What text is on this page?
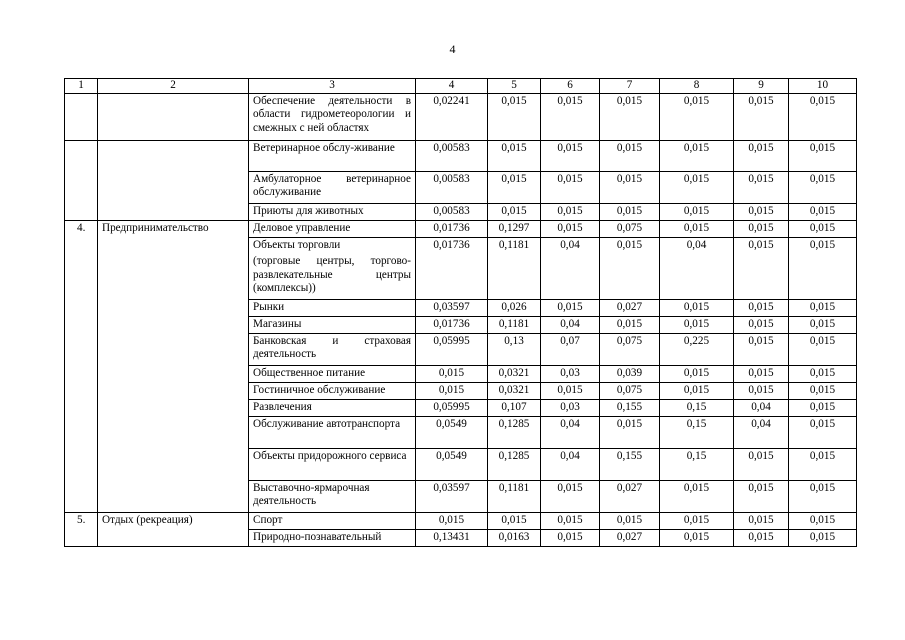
4
1	2	3	4	5	6	7	8	9	10

		Обеспечение деятельности в области гидрометеорологии и смежных с ней областях	0,02241	0,015	0,015	0,015	0,015	0,015	0,015

		Ветеринарное обслу-живание	0,00583	0,015	0,015	0,015	0,015	0,015	0,015

		Амбулаторное ветеринарное обслуживание	0,00583	0,015	0,015	0,015	0,015	0,015	0,015

		Приюты для животных	0,00583	0,015	0,015	0,015	0,015	0,015	0,015
4.	Предпринимательство	Деловое управление	0,01736	0,1297	0,015	0,075	0,015	0,015	0,015

		Объекты торговли
(торговые центры, торгово-развлекательные центры (комплексы))	0,01736	0,1181	0,04	0,015	0,04	0,015	0,015

		Рынки	0,03597	0,026	0,015	0,027	0,015	0,015	0,015

		Магазины	0,01736	0,1181	0,04	0,015	0,015	0,015	0,015

		Банковская и страховая деятельность	0,05995	0,13	0,07	0,075	0,225	0,015	0,015

		Общественное питание	0,015	0,0321	0,03	0,039	0,015	0,015	0,015

		Гостиничное обслуживание	0,015	0,0321	0,015	0,075	0,015	0,015	0,015

		Развлечения	0,05995	0,107	0,03	0,155	0,15	0,04	0,015

		Обслуживание автотранспорта	0,0549	0,1285	0,04	0,015	0,15	0,04	0,015

		Объекты придорожного сервиса	0,0549	0,1285	0,04	0,155	0,15	0,015	0,015

		Выставочно-ярмарочная деятельность	0,03597	0,1181	0,015	0,027	0,015	0,015	0,015
5.	Отдых (рекреация)	Спорт	0,015	0,015	0,015	0,015	0,015	0,015	0,015

		Природно-познавательный	0,13431	0,0163	0,015	0,027	0,015	0,015	0,015
